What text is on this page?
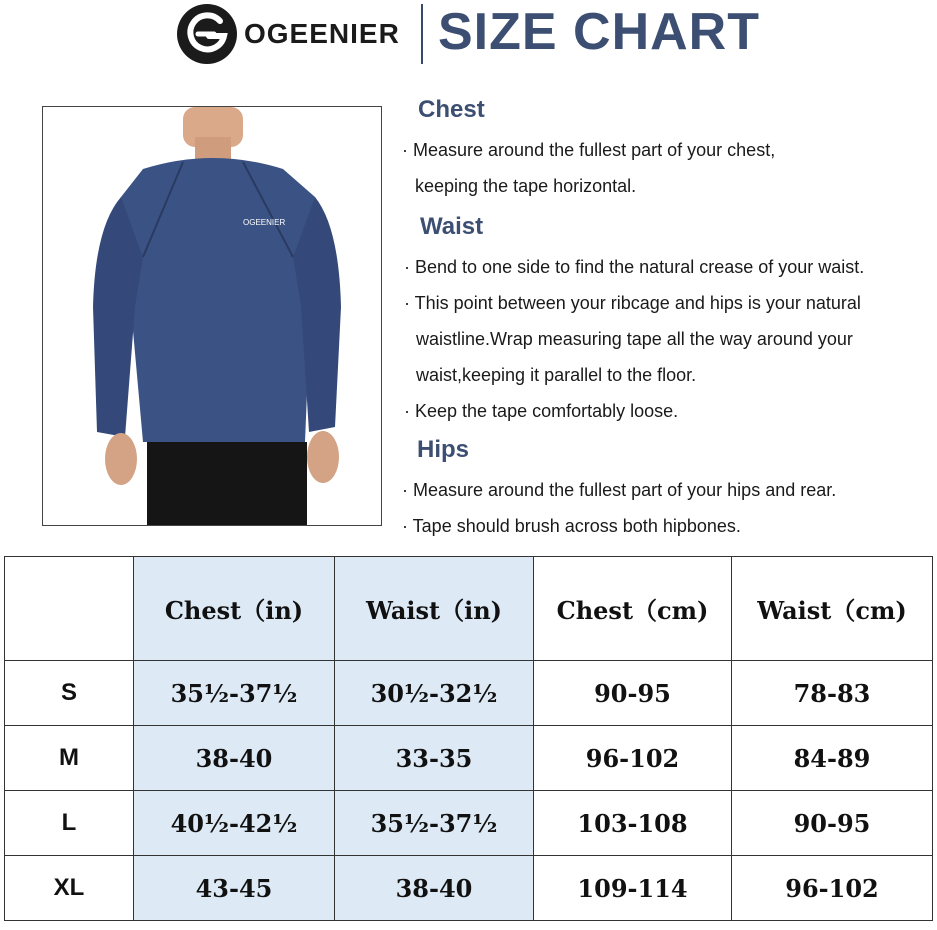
OGEENIER SIZE CHART
OGEENIER
Chest
· Measure around the fullest part of your chest,
keeping the tape horizontal.
Waist
· Bend to one side to find the natural crease of your waist.
· This point between your ribcage and hips is your natural
waistline.Wrap measuring tape all the way around your
waist,keeping it parallel to the floor.
· Keep the tape comfortably loose.
Hips
· Measure around the fullest part of your hips and rear.
· Tape should brush across both hipbones.
	Chest（in)	Waist（in)	Chest（cm)	Waist（cm)
S	35½-37½	30½-32½	90-95	78-83
M	38-40	33-35	96-102	84-89
L	40½-42½	35½-37½	103-108	90-95
XL	43-45	38-40	109-114	96-102
